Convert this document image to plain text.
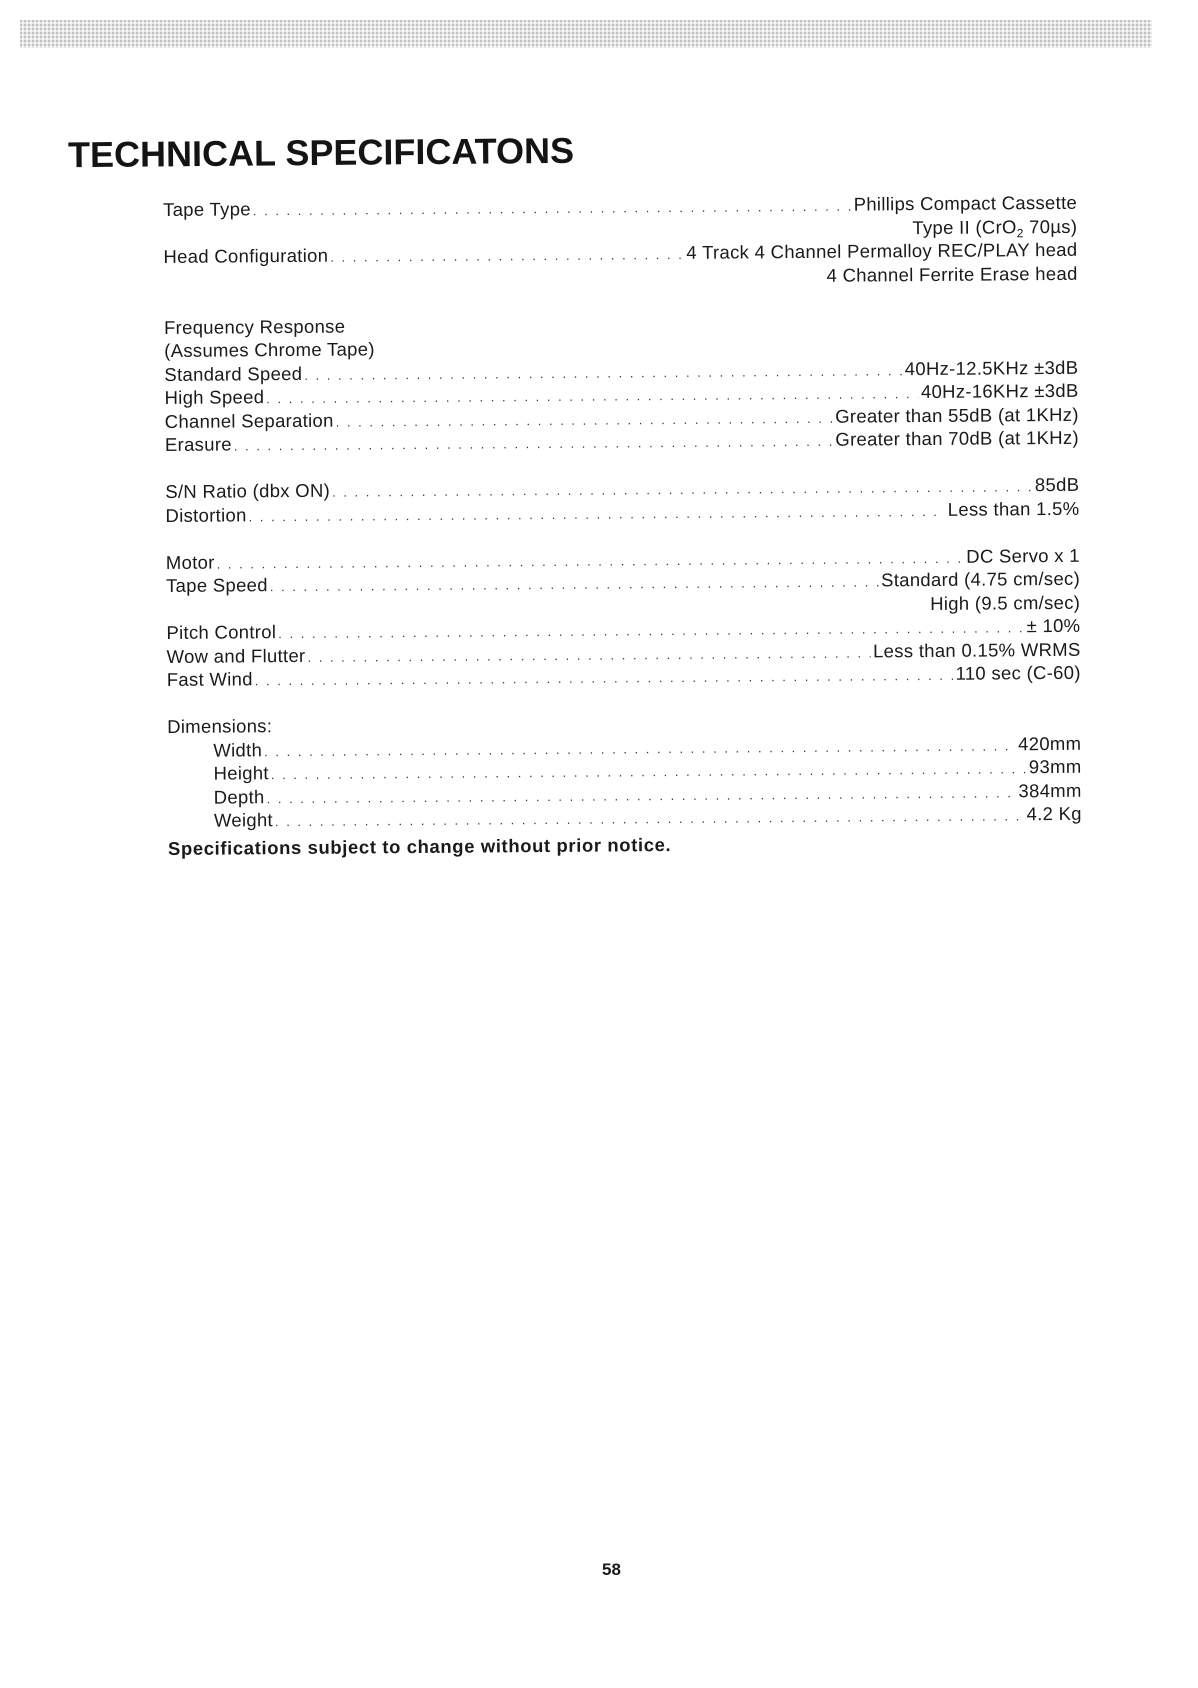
TECHNICAL SPECIFICATONS
Tape Type . . .	Phillips Compact Cassette
Type II (CrO$_2$ 70µs)
Head Configuration . . .	4 Track 4 Channel Permalloy REC/PLAY head
4 Channel Ferrite Erase head
Frequency Response
(Assumes Chrome Tape)
Standard Speed . . .	40Hz-12.5KHz ±3dB
High Speed . . .	40Hz-16KHz ±3dB
Channel Separation . . .	Greater than 55dB (at 1KHz)
Erasure . . .	Greater than 70dB (at 1KHz)
S/N Ratio (dbx ON) . . .	85dB
Distortion . . .	Less than 1.5%
Motor . . .	DC Servo x 1
Tape Speed . . .	Standard (4.75 cm/sec)
High (9.5 cm/sec)
Pitch Control . . .	± 10%
Wow and Flutter . . .	Less than 0.15% WRMS
Fast Wind . . .	110 sec (C-60)
Dimensions:
Width . . .	420mm
Height . . .	93mm
Depth . . .	384mm
Weight . . .	4.2 Kg
Specifications subject to change without prior notice.
58
